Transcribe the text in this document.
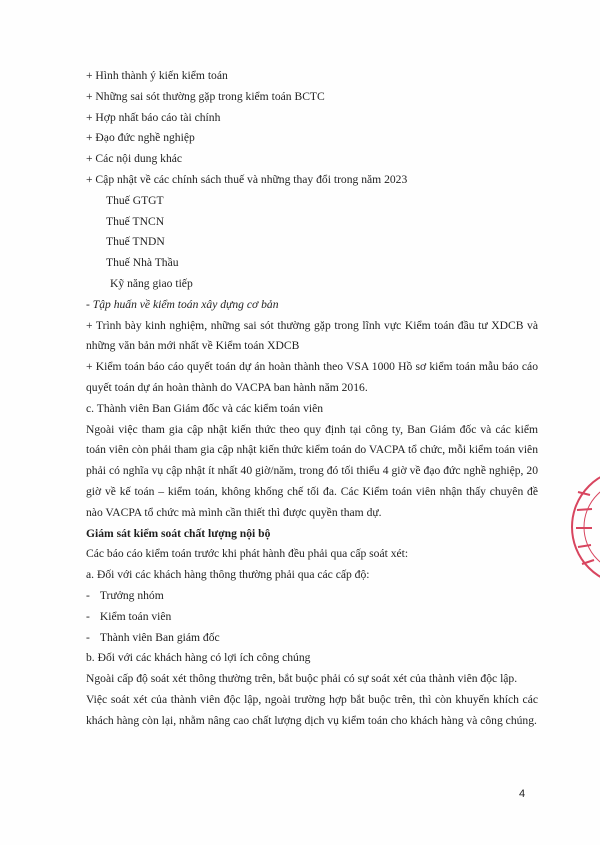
+ Hình thành ý kiến kiểm toán
+ Những sai sót thường gặp trong kiểm toán BCTC
+ Hợp nhất báo cáo tài chính
+ Đạo đức nghề nghiệp
+ Các nội dung khác
+ Cập nhật về các chính sách thuế và những thay đổi trong năm 2023
Thuế GTGT
Thuế TNCN
Thuế TNDN
Thuế Nhà Thầu
Kỹ năng giao tiếp
- Tập huấn về kiểm toán xây dựng cơ bản
+ Trình bày kinh nghiệm, những sai sót thường gặp trong lĩnh vực Kiểm toán đầu tư XDCB và những văn bản mới nhất về Kiểm toán XDCB
+ Kiểm toán báo cáo quyết toán dự án hoàn thành theo VSA 1000 Hồ sơ kiểm toán mẫu báo cáo quyết toán dự án hoàn thành do VACPA ban hành năm 2016.
c. Thành viên Ban Giám đốc và các kiểm toán viên
Ngoài việc tham gia cập nhật kiến thức theo quy định tại công ty, Ban Giám đốc và các kiểm toán viên còn phải tham gia cập nhật kiến thức kiểm toán do VACPA tổ chức, mỗi kiểm toán viên phải có nghĩa vụ cập nhật ít nhất 40 giờ/năm, trong đó tối thiểu 4 giờ về đạo đức nghề nghiệp, 20 giờ về kế toán – kiểm toán, không khống chế tối đa. Các Kiểm toán viên nhận thấy chuyên đề nào VACPA tổ chức mà mình cần thiết thì được quyền tham dự.
Giám sát kiểm soát chất lượng nội bộ
Các báo cáo kiểm toán trước khi phát hành đều phải qua cấp soát xét:
a. Đối với các khách hàng thông thường phải qua các cấp độ:
- Trưởng nhóm
- Kiểm toán viên
- Thành viên Ban giám đốc
b. Đối với các khách hàng có lợi ích công chúng
Ngoài cấp độ soát xét thông thường trên, bắt buộc phải có sự soát xét của thành viên độc lập.
Việc soát xét của thành viên độc lập, ngoài trường hợp bắt buộc trên, thì còn khuyến khích các khách hàng còn lại, nhằm nâng cao chất lượng dịch vụ kiểm toán cho khách hàng và công chúng.
4
